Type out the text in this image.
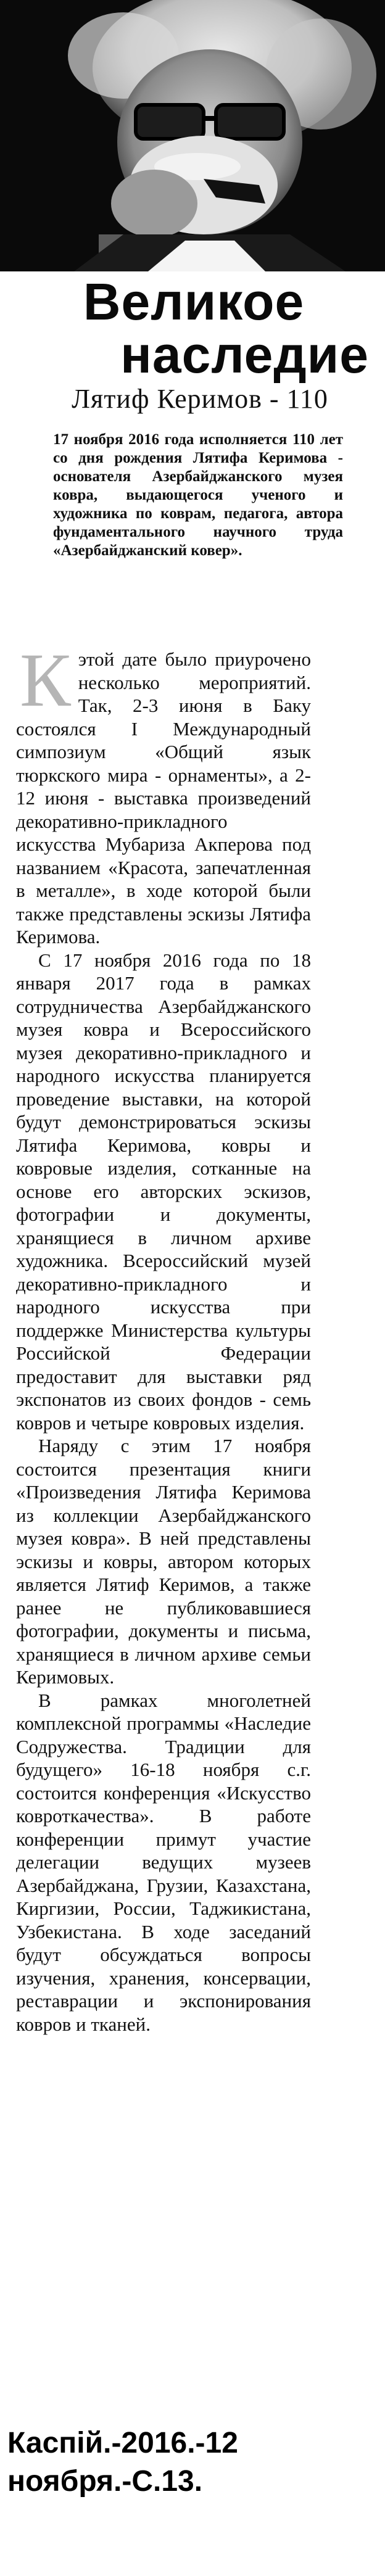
Великое
наследие
Лятиф Керимов - 110
17 ноября 2016 года исполняется 110 лет со дня рождения Лятифа Керимова - основателя Азербайджанского музея ковра, выдающегося ученого и художника по коврам, педагога, автора фундаментального научного труда «Азербайджанский ковер».

Кэтой дате было приурочено несколько мероприятий. Так, 2-3 июня в Баку состоялся I Международный симпозиум «Общий язык тюркского мира - орнаменты», а 2-12 июня - выставка произведений декоративно-прикладного искусства Мубариза Акперова под названием «Красота, запечатленная в металле», в ходе которой были также представлены эскизы Лятифа Керимова.

С 17 ноября 2016 года по 18 января 2017 года в рамках сотрудничества Азербайджанского музея ковра и Всероссийского музея декоративно-прикладного и народного искусства планируется проведение выставки, на которой будут демонстрироваться эскизы Лятифа Керимова, ковры и ковровые изделия, сотканные на основе его авторских эскизов, фотографии и документы, хранящиеся в личном архиве художника. Всероссийский музей декоративно-прикладного и народного искусства при поддержке Министерства культуры Российской Федерации предоставит для выставки ряд экспонатов из своих фондов - семь ковров и четыре ковровых изделия.

Наряду с этим 17 ноября состоится презентация книги «Произведения Лятифа Керимова из коллекции Азербайджанского музея ковра». В ней представлены эскизы и ковры, автором которых является Лятиф Керимов, а также ранее не публиковавшиеся фотографии, документы и письма, хранящиеся в личном архиве семьи Керимовых.

В рамках многолетней комплексной программы «Наследие Содружества. Традиции для будущего» 16-18 ноября с.г. состоится конференция «Искусство ковроткачества». В работе конференции примут участие делегации ведущих музеев Азербайджана, Грузии, Казахстана, Киргизии, России, Таджикистана, Узбекистана. В ходе заседаний будут обсуждаться вопросы изучения, хранения, консервации, реставрации и экспонирования ковров и тканей.

Каспій.-2016.-12
ноября.-С.13.
